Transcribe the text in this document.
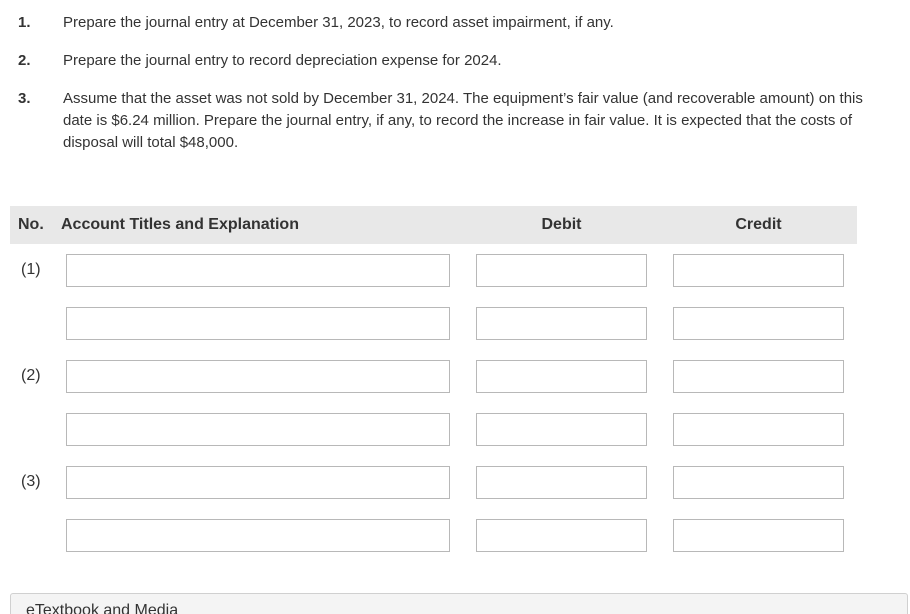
1. Prepare the journal entry at December 31, 2023, to record asset impairment, if any.
2. Prepare the journal entry to record depreciation expense for 2024.
3. Assume that the asset was not sold by December 31, 2024. The equipment’s fair value (and recoverable amount) on this date is $6.24 million. Prepare the journal entry, if any, to record the increase in fair value. It is expected that the costs of disposal will total $48,000.
No. Account Titles and Explanation	Debit	Credit
(1)
(2)
(3)
eTextbook and Media
